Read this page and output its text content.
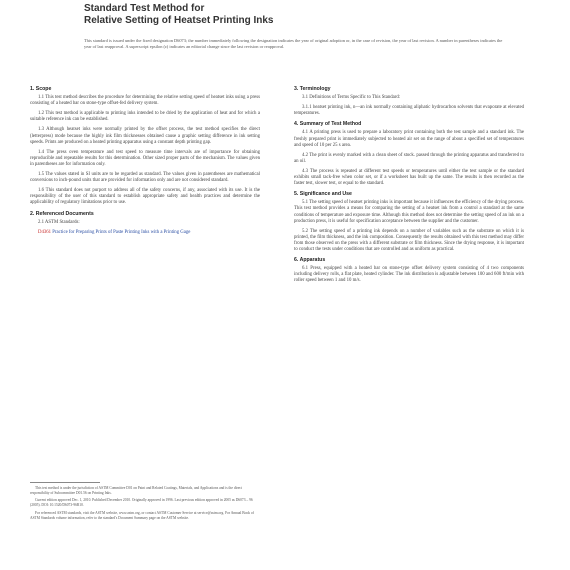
Standard Test Method for
Relative Setting of Heatset Printing Inks
This standard is issued under the fixed designation D6073; the number immediately following the designation indicates the year of original adoption or, in the case of revision, the year of last revision. A number in parentheses indicates the year of last reapproval. A superscript epsilon (ε) indicates an editorial change since the last revision or reapproval.
1. Scope

1.1 This test method describes the procedure for determining the relative setting speed of heatset inks using a press consisting of a heated bar on stone-type offset-fed delivery system.

1.2 This test method is applicable to printing inks intended to be dried by the application of heat and for which a suitable reference ink can be established.

1.3 Although heatset inks were normally printed by the offset process, the test method specifies the direct (letterpress) mode because the highly ink film thicknesses obtained cause a graphic setting difference in ink setting speeds. Prints are produced on a heated printing apparatus using a constant depth printing gap.

1.4 The press oven temperature and test speed to measure time intervals are of importance for obtaining reproducible and repeatable results for this determination. Other sized proper parts of the mechanism. The values given in parentheses are for information only.

1.5 The values stated in SI units are to be regarded as standard. The values given in parentheses are mathematical conversions to inch-pound units that are provided for information only and are not considered standard.

1.6 This standard does not purport to address all of the safety concerns, if any, associated with its use. It is the responsibility of the user of this standard to establish appropriate safety and health practices and determine the applicability of regulatory limitations prior to use.

2. Referenced Documents

2.1 ASTM Standards:

D4361 Practice for Preparing Prints of Paste Printing Inks with a Printing Gage

This test method is under the jurisdiction of ASTM Committee D01 on Paint and Related Coatings, Materials, and Applications and is the direct responsibility of Subcommittee D01.56 on Printing Inks.

Current edition approved Dec. 1, 2010. Published December 2010. Originally approved in 1996. Last previous edition approved in 2005 as D6073 – 96 (2005). DOI: 10.1520/D6073-96R10.

For referenced ASTM standards, visit the ASTM website, www.astm.org, or contact ASTM Customer Service at service@astm.org. For Annual Book of ASTM Standards volume information, refer to the standard's Document Summary page on the ASTM website.

3. Terminology

3.1 Definitions of Terms Specific to This Standard:

3.1.1 heatset printing ink, n—an ink normally containing aliphatic hydrocarbon solvents that evaporate at elevated temperatures.

4. Summary of Test Method

4.1 A printing press is used to prepare a laboratory print containing both the test sample and a standard ink. The freshly prepared print is immediately subjected to heated air set on the range of about a specified set of temperatures and speed of 10 per 25 s area.

4.2 The print is evenly marked with a clean sheet of stock. passed through the printing apparatus and transferred to an oil.

4.3 The process is repeated at different test speeds or temperatures until either the test sample or the standard exhibits small tack-free when color set, or if a worksheet has built up the same. The results is then recorded as the faster test, slower test, or equal to the standard.

5. Significance and Use

5.1 The setting speed of heatset printing inks is important because it influences the efficiency of the drying process. This test method provides a means for comparing the setting of a heatset ink from a control a standard at the same conditions of temperature and exposure time. Although this method does not determine the setting speed of an ink on a production press, it is useful for specification acceptance between the supplier and the customer.

5.2 The setting speed of a printing ink depends on a number of variables such as the substrate on which it is printed, the film thickness, and the ink composition. Consequently the results obtained with this test method may differ from those observed on the press with a different substrate or film thickness. Since the drying response, it is important to conduct the tests under conditions that are controlled and as uniform as practical.

6. Apparatus

6.1 Press, equipped with a heated bar on stone-type offset delivery system consisting of 4 two components including delivery rolls, a flat plate, heated cylinder. The ink distribution is adjustable between 100 and 600 ft/min with roller speed between 1 and 10 m/s.
